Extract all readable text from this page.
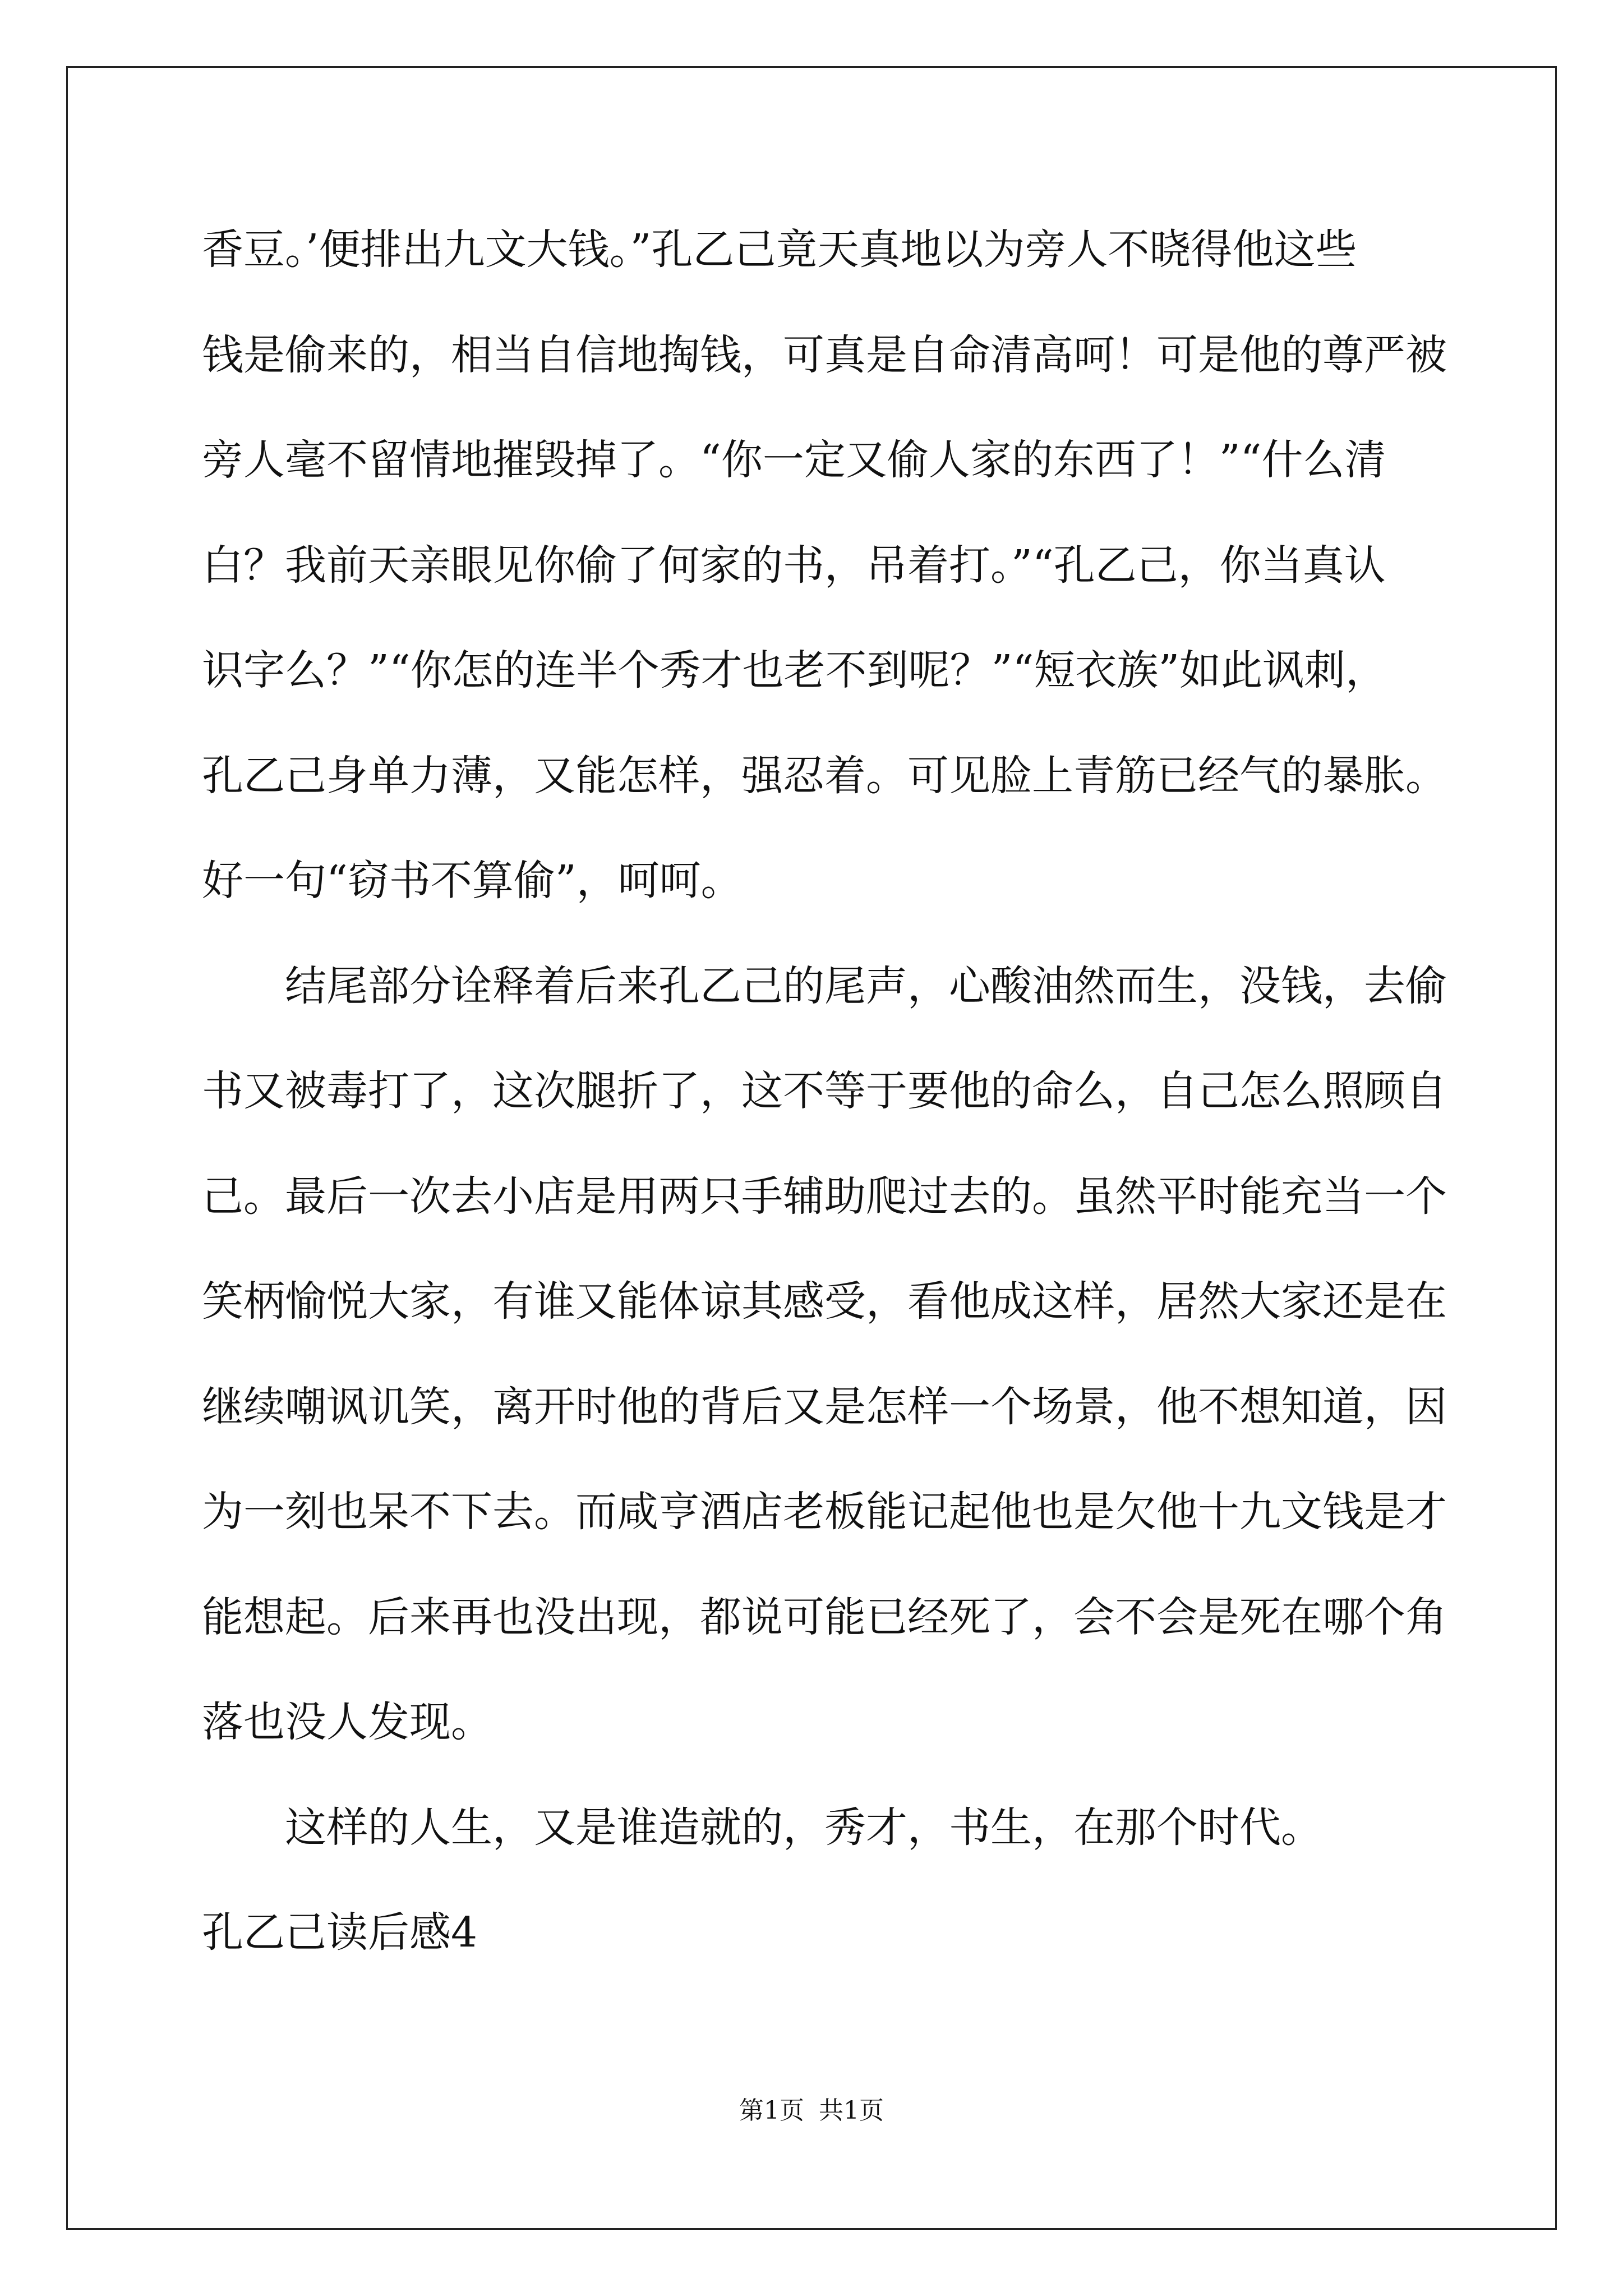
香豆。’便排出九文大钱。”孔乙己竟天真地以为旁人不晓得他这些
钱是偷来的，相当自信地掏钱，可真是自命清高呵！可是他的尊严被
旁人毫不留情地摧毁掉了。“你一定又偷人家的东西了！”“什么清
白？我前天亲眼见你偷了何家的书，吊着打。”“孔乙己，你当真认
识字么？”“你怎的连半个秀才也老不到呢？”“短衣族”如此讽刺，
孔乙己身单力薄，又能怎样，强忍着。可见脸上青筋已经气的暴胀。
好一句“窃书不算偷”，呵呵。
结尾部分诠释着后来孔乙己的尾声，心酸油然而生，没钱，去偷
书又被毒打了，这次腿折了，这不等于要他的命么，自己怎么照顾自
己。最后一次去小店是用两只手辅助爬过去的。虽然平时能充当一个
笑柄愉悦大家，有谁又能体谅其感受，看他成这样，居然大家还是在
继续嘲讽讥笑，离开时他的背后又是怎样一个场景，他不想知道，因
为一刻也呆不下去。而咸亨酒店老板能记起他也是欠他十九文钱是才
能想起。后来再也没出现，都说可能已经死了，会不会是死在哪个角
落也没人发现。
这样的人生，又是谁造就的，秀才，书生，在那个时代。
孔乙己读后感4
第1页 共1页
